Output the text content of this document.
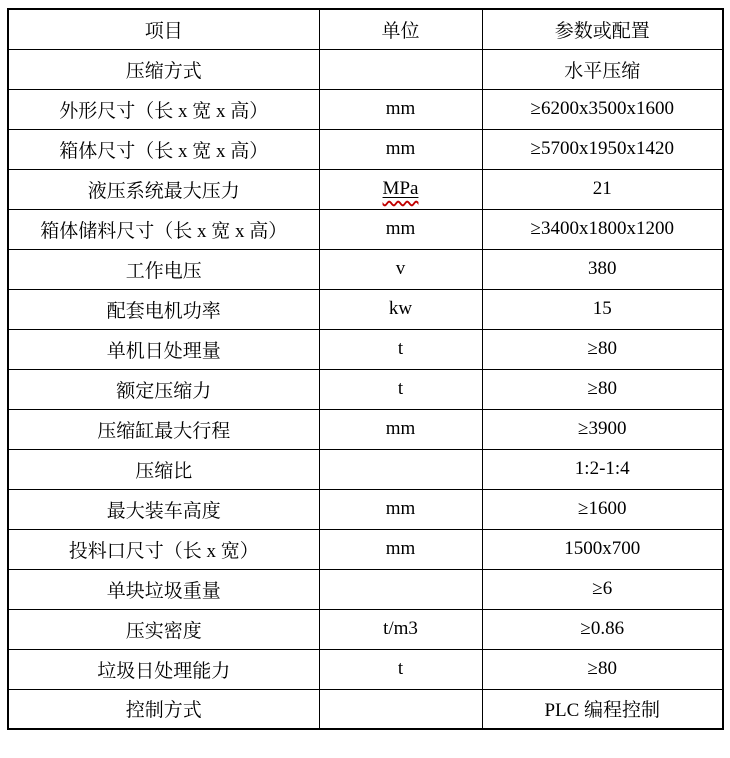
项目	单位	参数或配置
压缩方式		水平压缩
外形尺寸（长 x 宽 x 高）	mm	≥6200x3500x1600
箱体尺寸（长 x 宽 x 高）	mm	≥5700x1950x1420
液压系统最大压力	MPa	21
箱体储料尺寸（长 x 宽 x 高）	mm	≥3400x1800x1200
工作电压	v	380
配套电机功率	kw	15
单机日处理量	t	≥80
额定压缩力	t	≥80
压缩缸最大行程	mm	≥3900
压缩比		1:2-1:4
最大装车高度	mm	≥1600
投料口尺寸（长 x 宽）	mm	1500x700
单块垃圾重量		≥6
压实密度	t/m3	≥0.86
垃圾日处理能力	t	≥80
控制方式		PLC 编程控制
